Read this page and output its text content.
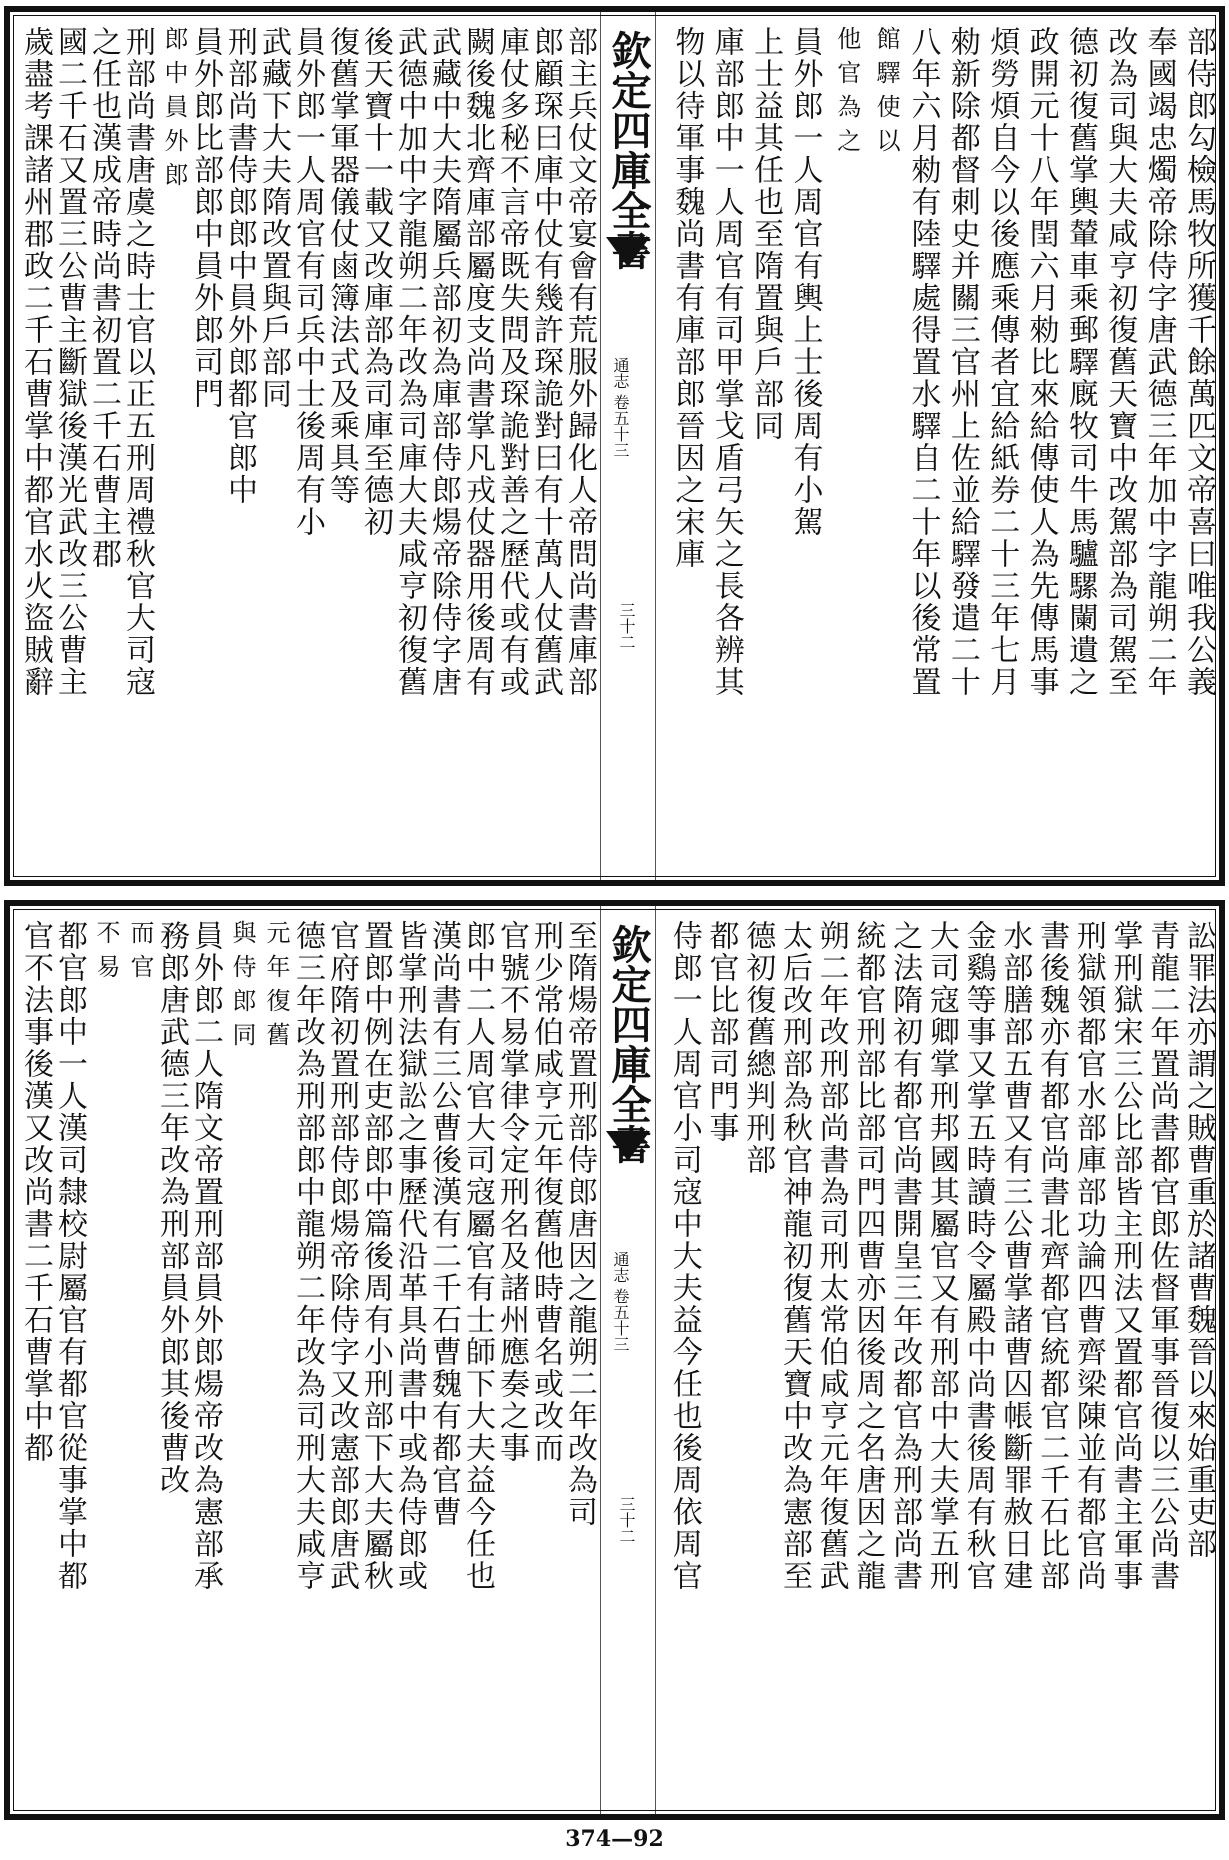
部侍郎勾檢馬牧所獲千餘萬匹文帝喜曰唯我公義
奉國竭忠燭帝除侍字唐武德三年加中字龍朔二年
改為司與大夫咸亨初復舊天寶中改駕部為司駕至
德初復舊掌輿輦車乘郵驛廐牧司牛馬驢騾闌遺之
政開元十八年閏六月勑比來給傳使人為先傳馬事
煩勞煩自今以後應乘傳者宜給紙券二十三年七月
勑新除都督刺史并關三官州上佐並給驛發遣二十
八年六月勑有陸驛處得置水驛自二十年以後常置
館驛使以
他官為之
員外郎一人周官有輿上士後周有小駕
上士益其任也至隋置與戶部同
庫部郎中一人周官有司甲掌戈盾弓矢之長各辨其
物以待軍事魏尚書有庫部郎晉因之宋庫
欽定四庫全書
通志 卷五十三
三十二
部主兵仗文帝宴會有荒服外歸化人帝問尚書庫部
郎顧琛曰庫中仗有幾許琛詭對曰有十萬人仗舊武
庫仗多秘不言帝既失問及琛詭對善之歷代或有或
闕後魏北齊庫部屬度支尚書掌凡戎仗器用後周有
武藏中大夫隋屬兵部初為庫部侍郎煬帝除侍字唐
武德中加中字龍朔二年改為司庫大夫咸亨初復舊
後天寶十一載又改庫部為司庫至德初
復舊掌軍器儀仗鹵簿法式及乘具等
員外郎一人周官有司兵中士後周有小
武藏下大夫隋改置與戶部同
刑部尚書侍郎郎中員外郎都官郎中
員外郎比部郎中員外郎司門
郎中員外郎
刑部尚書唐虞之時士官以正五刑周禮秋官大司寇
之任也漢成帝時尚書初置二千石曹主郡
國二千石又置三公曹主斷獄後漢光武改三公曹主
歲盡考課諸州郡政二千石曹掌中都官水火盜賊辭
訟罪法亦謂之賊曹重於諸曹魏晉以來始重吏部
青龍二年置尚書都官郎佐督軍事晉復以三公尚書
掌刑獄宋三公比部皆主刑法又置都官尚書主軍事
刑獄領都官水部庫部功論四曹齊梁陳並有都官尚
書後魏亦有都官尚書北齊都官統都官二千石比部
水部膳部五曹又有三公曹掌諸曹囚帳斷罪赦日建
金鷄等事又掌五時讀時令屬殿中尚書後周有秋官
大司寇卿掌刑邦國其屬官又有刑部中大夫掌五刑
之法隋初有都官尚書開皇三年改都官為刑部尚書
統都官刑部比部司門四曹亦因後周之名唐因之龍
朔二年改刑部尚書為司刑太常伯咸亨元年復舊武
太后改刑部為秋官神龍初復舊天寶中改為憲部至
德初復舊總判刑部
都官比部司門事
侍郎一人周官小司寇中大夫益今任也後周依周官
欽定四庫全書
通志 卷五十三
三十二
至隋煬帝置刑部侍郎唐因之龍朔二年改為司
刑少常伯咸亨元年復舊他時曹名或改而
官號不易掌律令定刑名及諸州應奏之事
郎中二人周官大司寇屬官有士師下大夫益今任也
漢尚書有三公曹後漢有二千石曹魏有都官曹
皆掌刑法獄訟之事歷代沿革具尚書中或為侍郎或
置郎中例在吏部郎中篇後周有小刑部下大夫屬秋
官府隋初置刑部侍郎煬帝除侍字又改憲部郎唐武
德三年改為刑部郎中龍朔二年改為司刑大夫咸亨
元年復舊
與侍郎同
員外郎二人隋文帝置刑部員外郎煬帝改為憲部承
務郎唐武德三年改為刑部員外郎其後曹改
而官
不易
都官郎中一人漢司隸校尉屬官有都官從事掌中都
官不法事後漢又改尚書二千石曹掌中都
374—92
